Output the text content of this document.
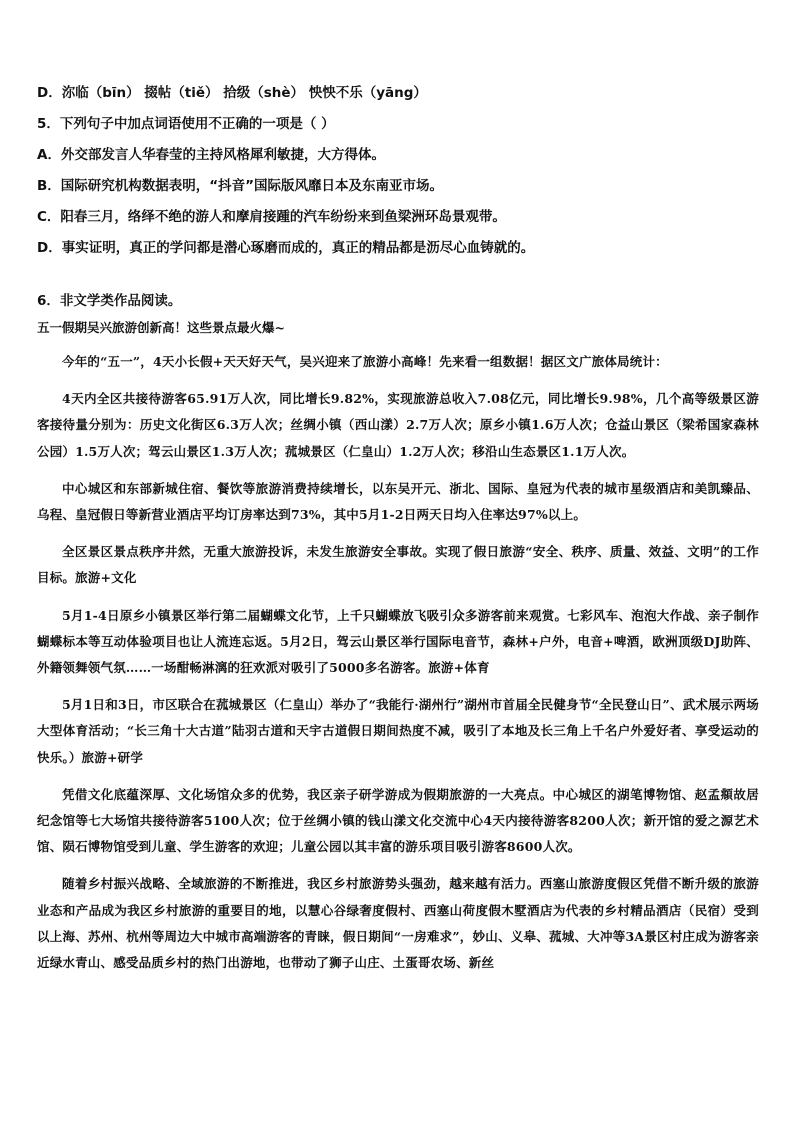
D．沵临（bīn） 掇帖（tiě） 拾级（shè） 怏怏不乐（yāng）
5．下列句子中加点词语使用不正确的一项是（ ）
A．外交部发言人华春莹的主持风格犀利敏捷，大方得体。
B．国际研究机构数据表明，“抖音”国际版风靡日本及东南亚市场。
C．阳春三月，络绎不绝的游人和摩肩接踵的汽车纷纷来到鱼梁洲环岛景观带。
D．事实证明，真正的学问都是潜心琢磨而成的，真正的精品都是沥尽心血铸就的。
6．非文学类作品阅读。
五一假期吴兴旅游创新高！这些景点最火爆~

今年的“五一”，4天小长假+天天好天气，吴兴迎来了旅游小高峰！先来看一组数据！据区文广旅体局统计：

4天内全区共接待游客65.91万人次，同比增长9.82%，实现旅游总收入7.08亿元，同比增长9.98%，几个高等级景区游客接待量分别为：历史文化街区6.3万人次；丝绸小镇（西山漾）2.7万人次；原乡小镇1.6万人次；仓益山景区（梁希国家森林公园）1.5万人次；驾云山景区1.3万人次；菰城景区（仁皇山）1.2万人次；移沿山生态景区1.1万人次。

中心城区和东部新城住宿、餐饮等旅游消费持续增长，以东吴开元、浙北、国际、皇冠为代表的城市星级酒店和美凯臻品、乌程、皇冠假日等新营业酒店平均订房率达到73%，其中5月1-2日两天日均入住率达97%以上。

全区景区景点秩序井然，无重大旅游投诉，未发生旅游安全事故。实现了假日旅游“安全、秩序、质量、效益、文明”的工作目标。旅游+文化

5月1-4日原乡小镇景区举行第二届蝴蝶文化节，上千只蝴蝶放飞吸引众多游客前来观赏。七彩风车、泡泡大作战、亲子制作蝴蝶标本等互动体验项目也让人流连忘返。5月2日，驾云山景区举行国际电音节，森林+户外，电音+啤酒，欧洲顶级DJ助阵、外籍领舞领气氛……一场酣畅淋漓的狂欢派对吸引了5000多名游客。旅游+体育

5月1日和3日，市区联合在菰城景区（仁皇山）举办了“我能行·湖州行”湖州市首届全民健身节“全民登山日”、武术展示两场大型体育活动；“长三角十大古道”陆羽古道和天宇古道假日期间热度不减，吸引了本地及长三角上千名户外爱好者、享受运动的快乐。）旅游+研学

凭借文化底蕴深厚、文化场馆众多的优势，我区亲子研学游成为假期旅游的一大亮点。中心城区的湖笔博物馆、赵孟頫故居纪念馆等七大场馆共接待游客5100人次；位于丝绸小镇的钱山漾文化交流中心4天内接待游客8200人次；新开馆的爱之源艺术馆、陨石博物馆受到儿童、学生游客的欢迎；儿童公园以其丰富的游乐项目吸引游客8600人次。

随着乡村振兴战略、全域旅游的不断推进，我区乡村旅游势头强劲，越来越有活力。西塞山旅游度假区凭借不断升级的旅游业态和产品成为我区乡村旅游的重要目的地，以慧心谷绿奢度假村、西塞山荷度假木墅酒店为代表的乡村精品酒店（民宿）受到以上海、苏州、杭州等周边大中城市高端游客的青睐，假日期间“一房难求”，妙山、义皋、菰城、大冲等3A景区村庄成为游客亲近绿水青山、感受品质乡村的热门出游地，也带动了狮子山庄、土蛋哥农场、新丝
